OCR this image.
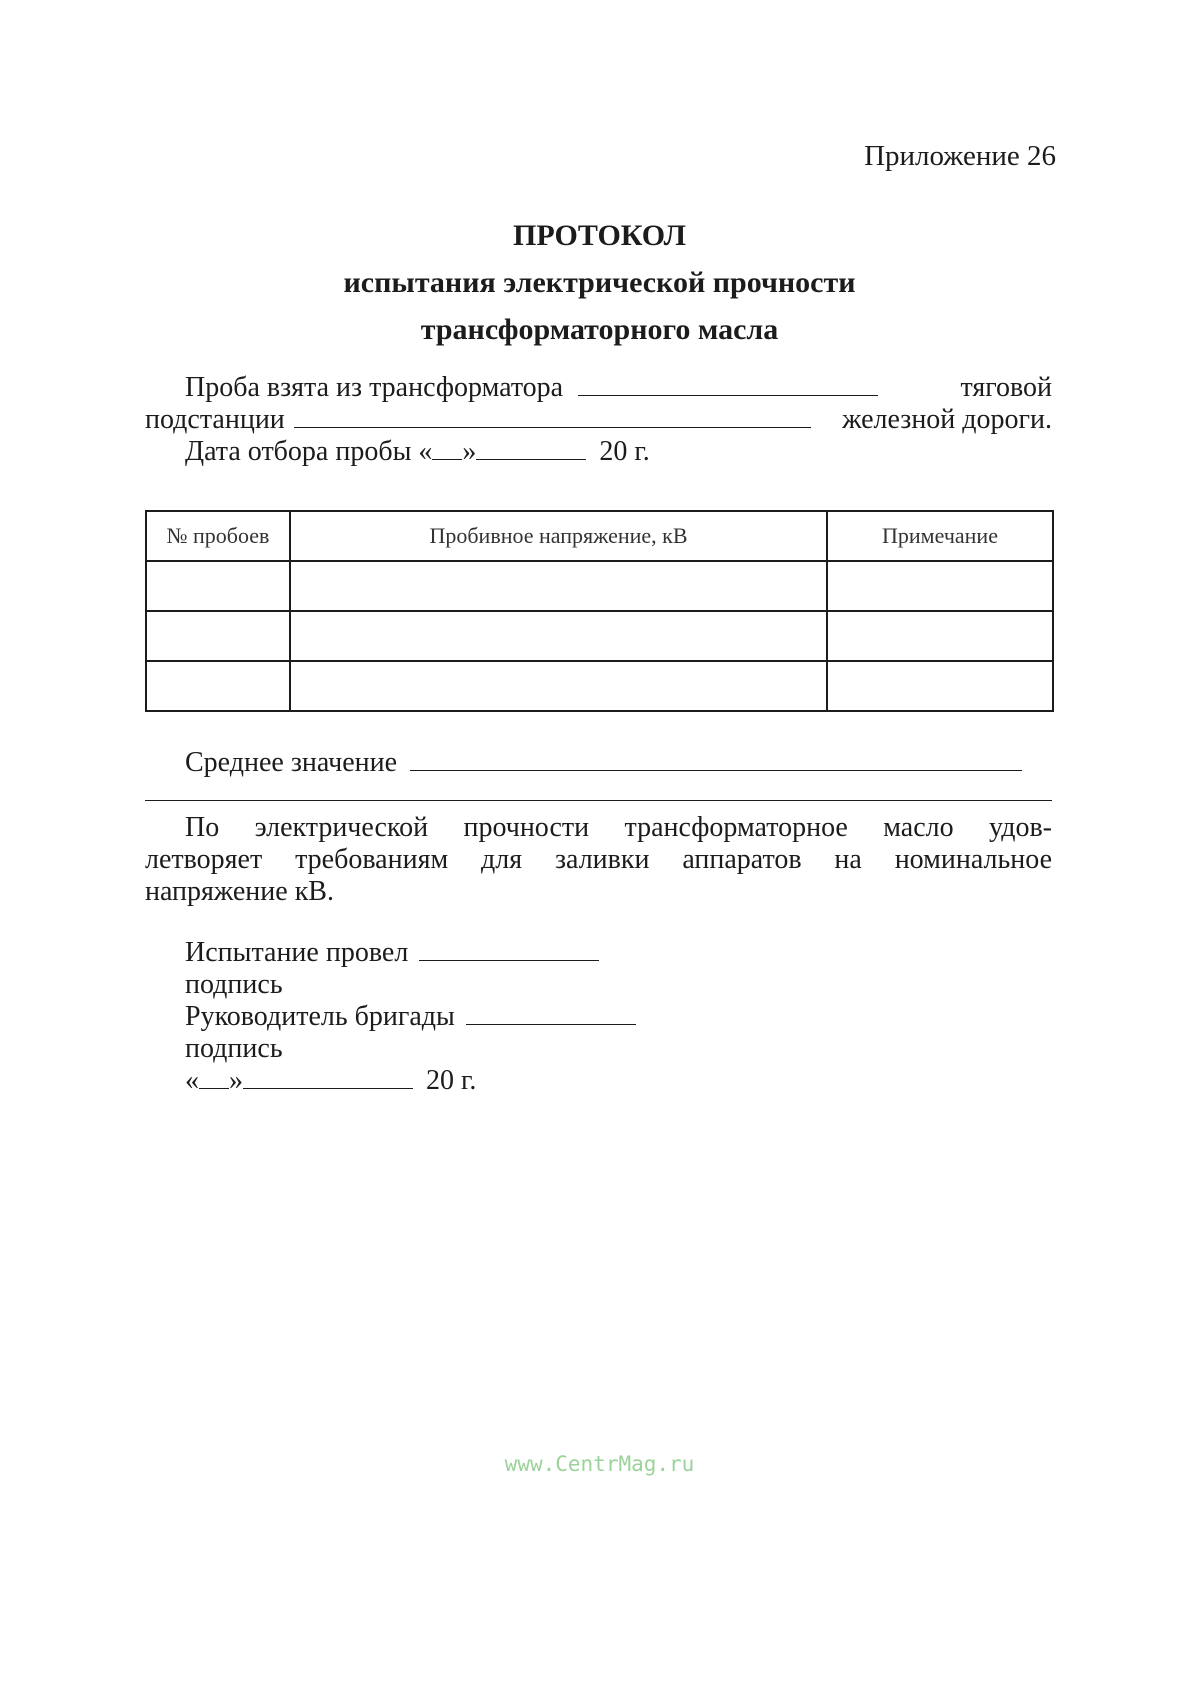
Приложение 26
ПРОТОКОЛ
испытания электрической прочности
трансформаторного масла
Проба взята из трансформатора	тяговой
подстанции	железной дороги.
Дата отбора пробы « »	20 г.
№ пробоев	Пробивное напряжение, кВ	Примечание

Среднее значение
По электрической прочности трансформаторное масло удов-
летворяет требованиям для заливки аппаратов на номинальное
напряжение кВ.
Испытание провел
подпись
Руководитель бригады
подпись
« »	20 г.
www.CentrMag.ru
